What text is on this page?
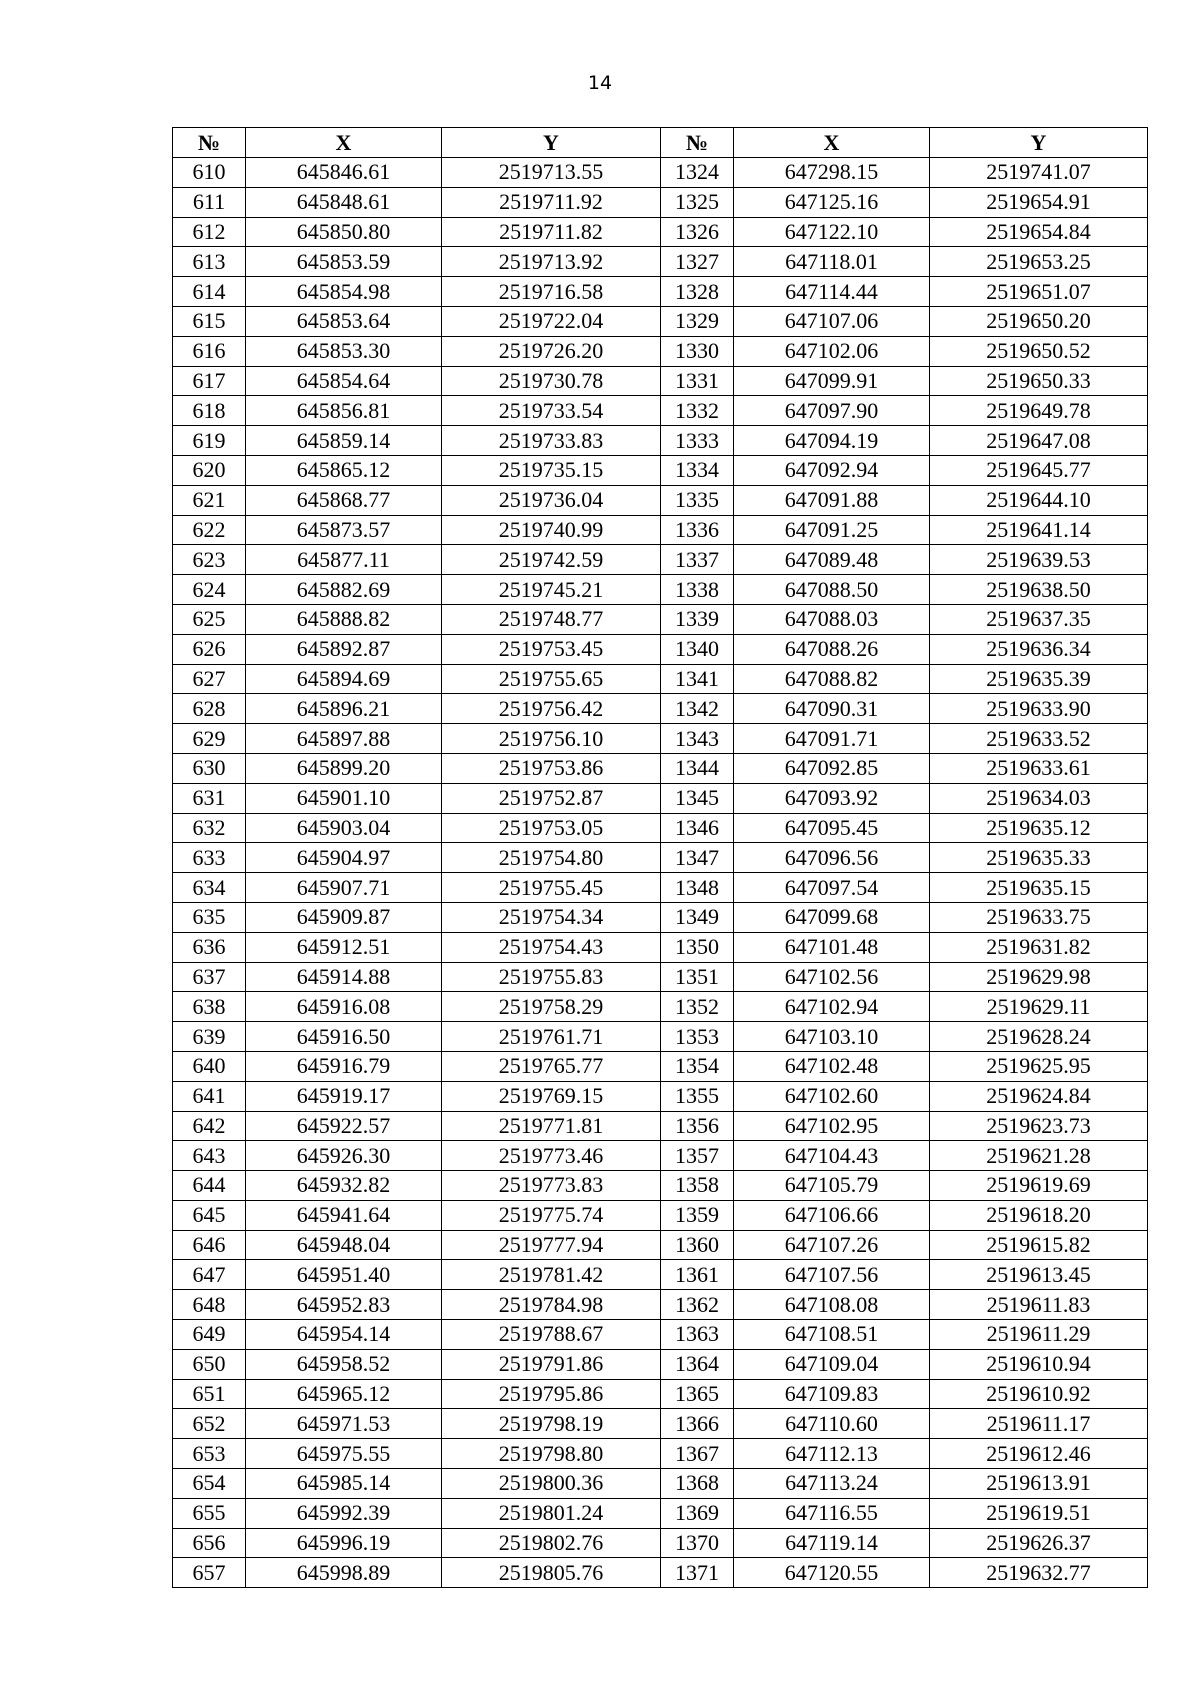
14
№	X	Y	№	X	Y
610	645846.61	2519713.55	1324	647298.15	2519741.07
611	645848.61	2519711.92	1325	647125.16	2519654.91
612	645850.80	2519711.82	1326	647122.10	2519654.84
613	645853.59	2519713.92	1327	647118.01	2519653.25
614	645854.98	2519716.58	1328	647114.44	2519651.07
615	645853.64	2519722.04	1329	647107.06	2519650.20
616	645853.30	2519726.20	1330	647102.06	2519650.52
617	645854.64	2519730.78	1331	647099.91	2519650.33
618	645856.81	2519733.54	1332	647097.90	2519649.78
619	645859.14	2519733.83	1333	647094.19	2519647.08
620	645865.12	2519735.15	1334	647092.94	2519645.77
621	645868.77	2519736.04	1335	647091.88	2519644.10
622	645873.57	2519740.99	1336	647091.25	2519641.14
623	645877.11	2519742.59	1337	647089.48	2519639.53
624	645882.69	2519745.21	1338	647088.50	2519638.50
625	645888.82	2519748.77	1339	647088.03	2519637.35
626	645892.87	2519753.45	1340	647088.26	2519636.34
627	645894.69	2519755.65	1341	647088.82	2519635.39
628	645896.21	2519756.42	1342	647090.31	2519633.90
629	645897.88	2519756.10	1343	647091.71	2519633.52
630	645899.20	2519753.86	1344	647092.85	2519633.61
631	645901.10	2519752.87	1345	647093.92	2519634.03
632	645903.04	2519753.05	1346	647095.45	2519635.12
633	645904.97	2519754.80	1347	647096.56	2519635.33
634	645907.71	2519755.45	1348	647097.54	2519635.15
635	645909.87	2519754.34	1349	647099.68	2519633.75
636	645912.51	2519754.43	1350	647101.48	2519631.82
637	645914.88	2519755.83	1351	647102.56	2519629.98
638	645916.08	2519758.29	1352	647102.94	2519629.11
639	645916.50	2519761.71	1353	647103.10	2519628.24
640	645916.79	2519765.77	1354	647102.48	2519625.95
641	645919.17	2519769.15	1355	647102.60	2519624.84
642	645922.57	2519771.81	1356	647102.95	2519623.73
643	645926.30	2519773.46	1357	647104.43	2519621.28
644	645932.82	2519773.83	1358	647105.79	2519619.69
645	645941.64	2519775.74	1359	647106.66	2519618.20
646	645948.04	2519777.94	1360	647107.26	2519615.82
647	645951.40	2519781.42	1361	647107.56	2519613.45
648	645952.83	2519784.98	1362	647108.08	2519611.83
649	645954.14	2519788.67	1363	647108.51	2519611.29
650	645958.52	2519791.86	1364	647109.04	2519610.94
651	645965.12	2519795.86	1365	647109.83	2519610.92
652	645971.53	2519798.19	1366	647110.60	2519611.17
653	645975.55	2519798.80	1367	647112.13	2519612.46
654	645985.14	2519800.36	1368	647113.24	2519613.91
655	645992.39	2519801.24	1369	647116.55	2519619.51
656	645996.19	2519802.76	1370	647119.14	2519626.37
657	645998.89	2519805.76	1371	647120.55	2519632.77
